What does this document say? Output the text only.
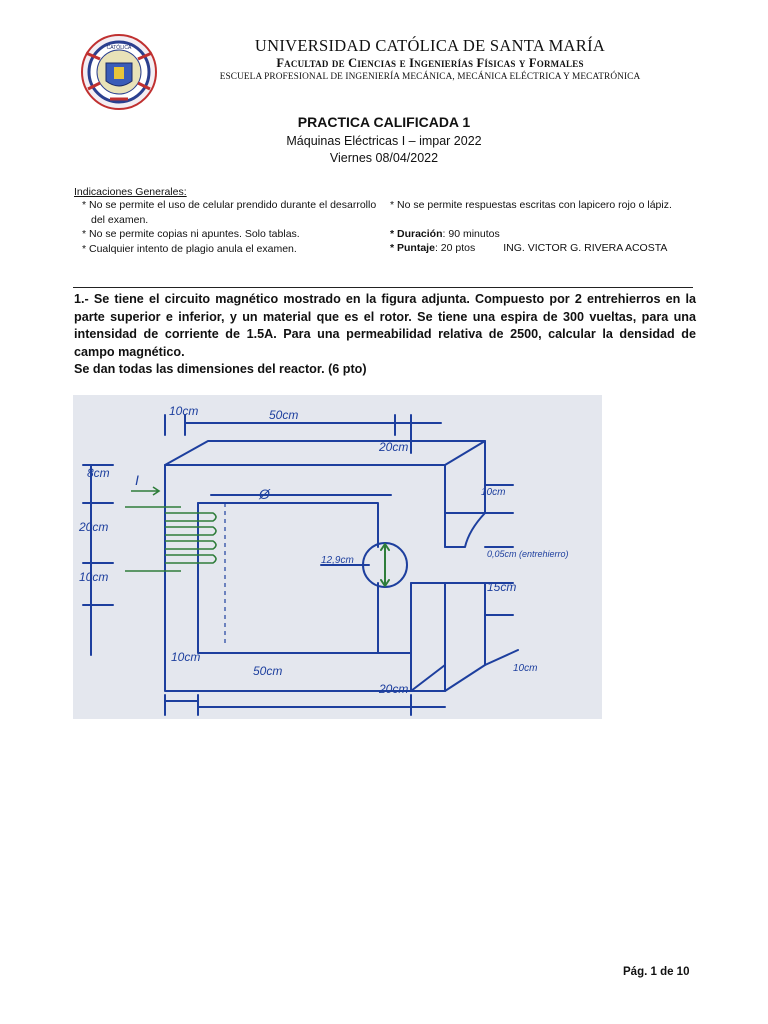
CATÓLICA	UNIVERSIDAD CATÓLICA DE SANTA MARÍA
Facultad de Ciencias e Ingenierías Físicas y Formales
ESCUELA PROFESIONAL DE INGENIERÍA MECÁNICA, MECÁNICA ELÉCTRICA Y MECATRÓNICA
PRACTICA CALIFICADA 1
Máquinas Eléctricas I – impar 2022
Viernes 08/04/2022
Indicaciones Generales:
* No se permite el uso de celular prendido durante el desarrollo del examen.
* No se permite copias ni apuntes. Solo tablas.
* Cualquier intento de plagio anula el examen.
* No se permite respuestas escritas con lapicero rojo o lápiz.
* Duración: 90 minutos
* Puntaje: 20 ptos	ING. VICTOR G. RIVERA ACOSTA
1.- Se tiene el circuito magnético mostrado en la figura adjunta. Compuesto por 2 entrehierros en la parte superior e inferior, y un material que es el rotor. Se tiene una espira de 300 vueltas, para una intensidad de corriente de 1.5A. Para una permeabilidad relativa de 2500, calcular la densidad de campo magnético.
Se dan todas las dimensiones del reactor. (6 pto)
10cm	50cm
20cm
8cm I
20cm
10cm
10cm
0,05cm (entrehierro)
15cm
12,9cm
Ø
10cm
50cm
20cm
10cm
Pág. 1 de 10
